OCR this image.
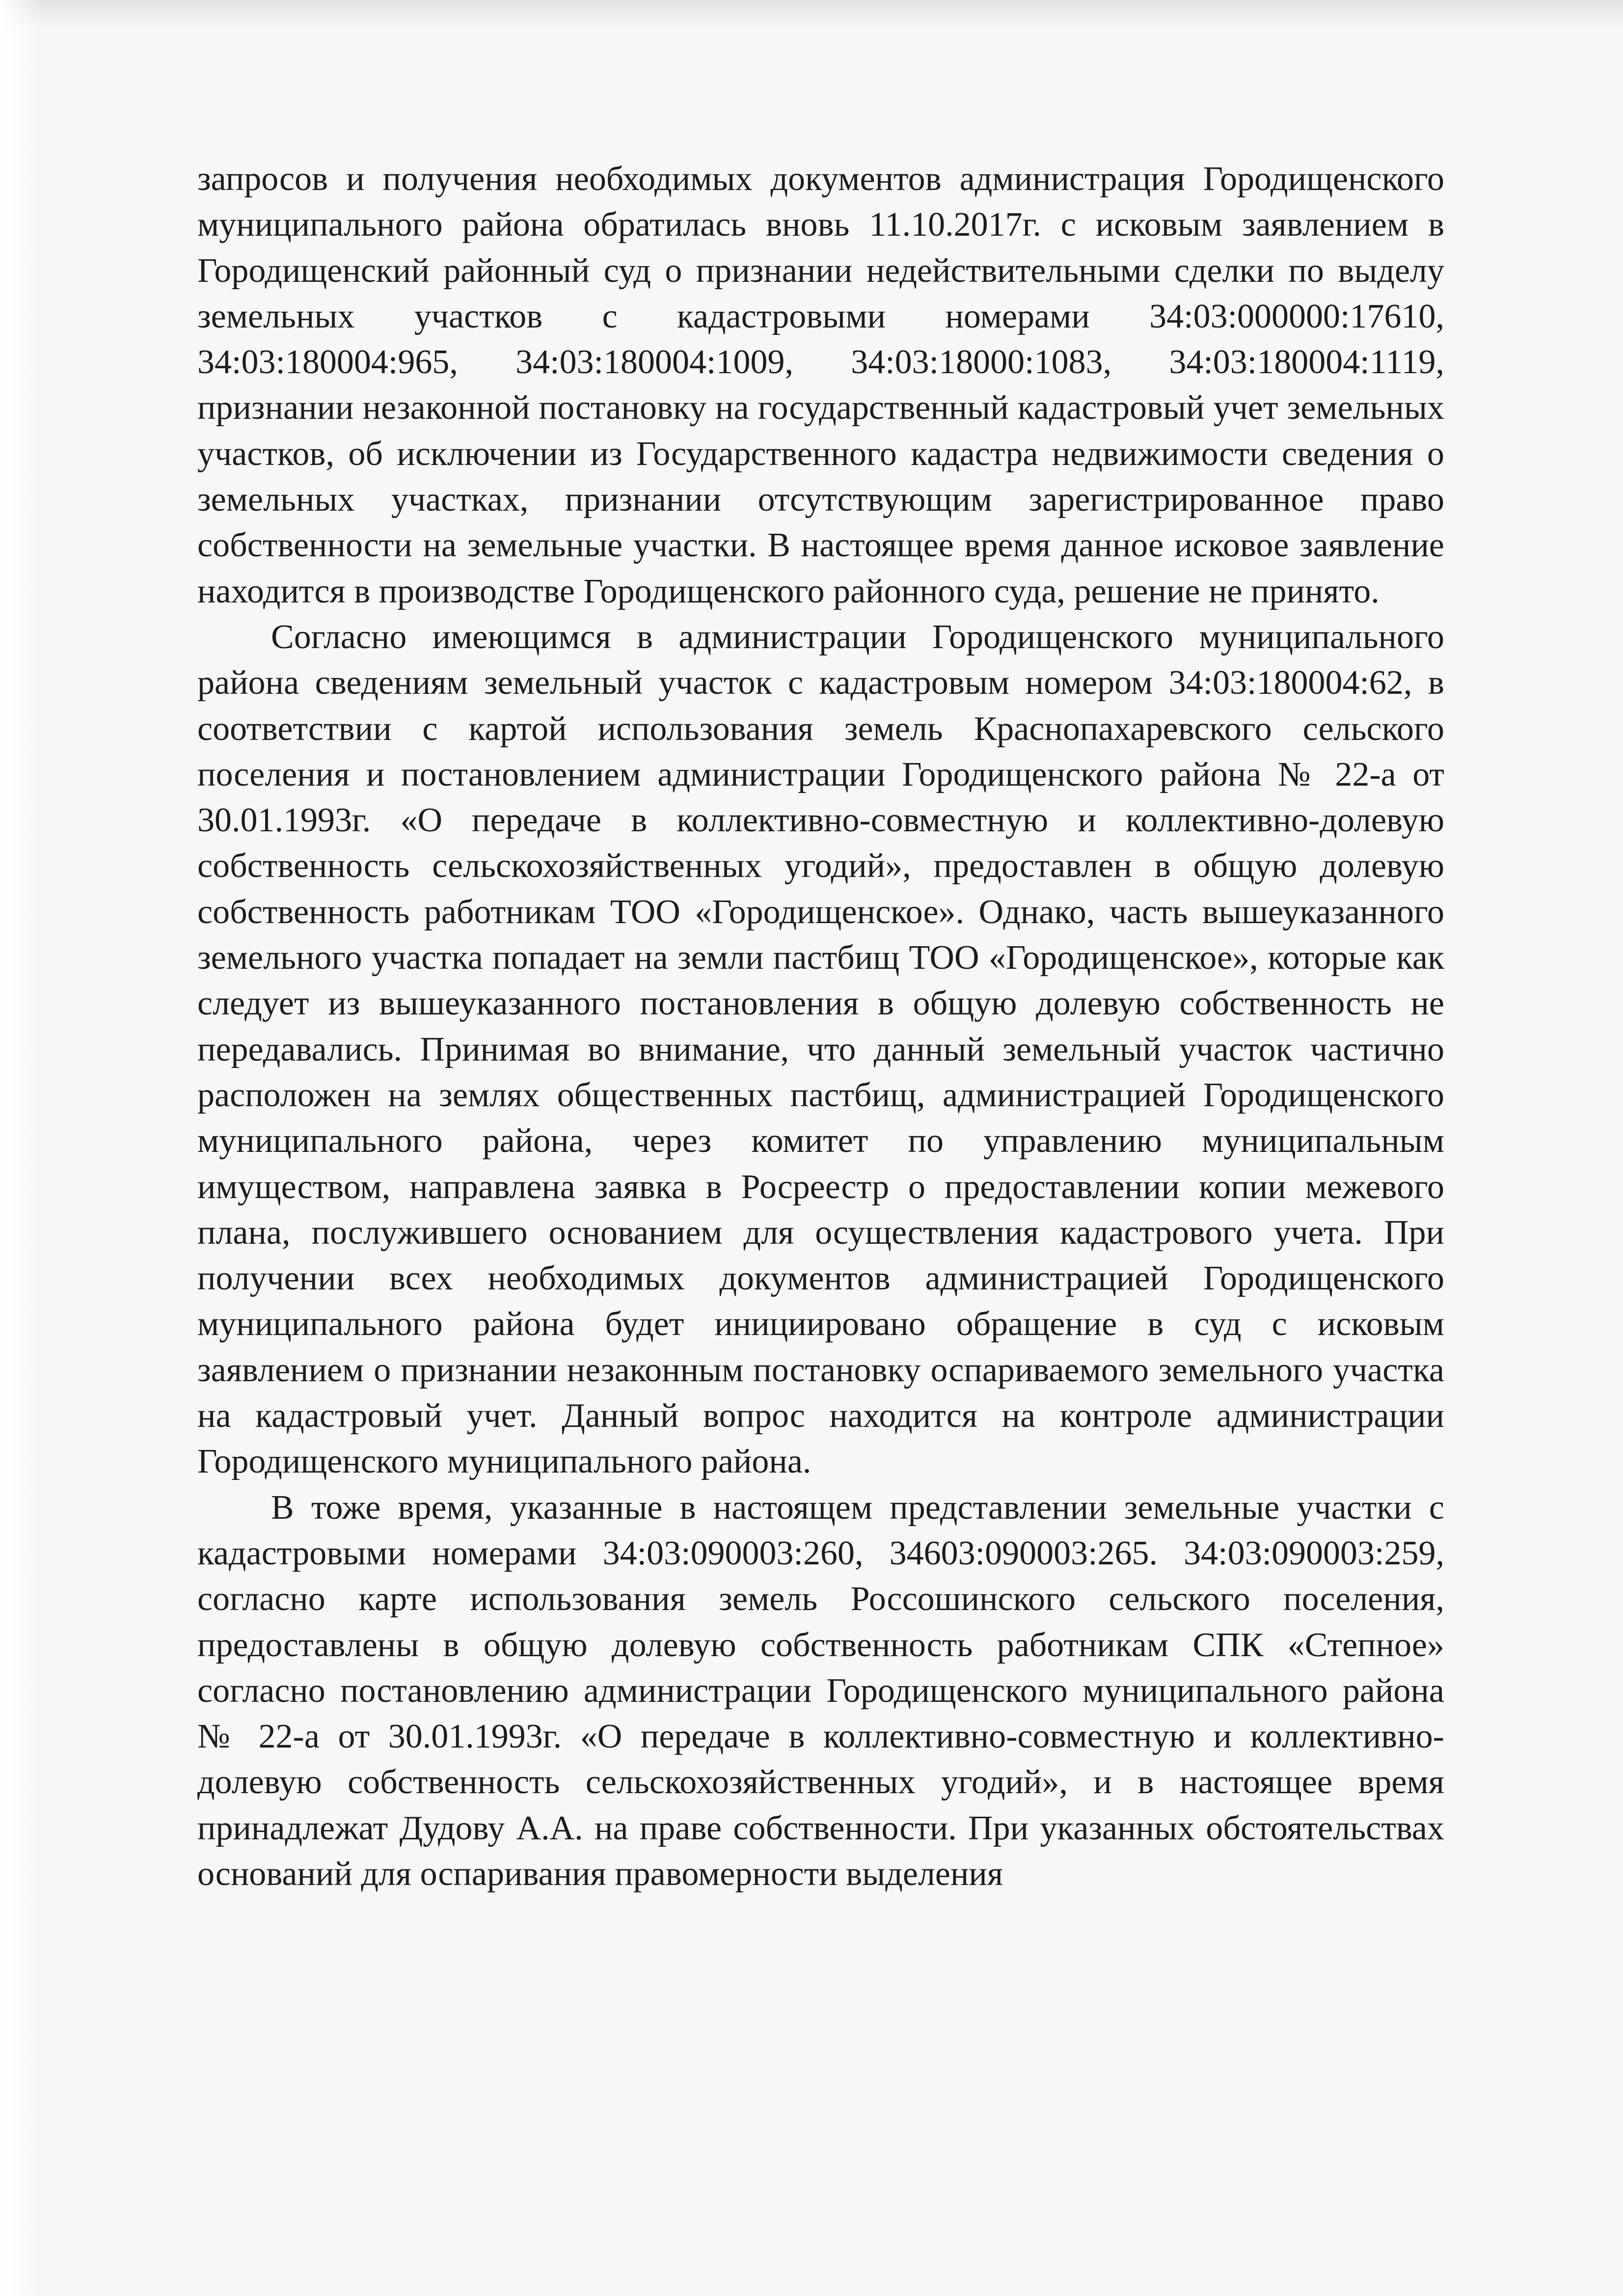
запросов и получения необходимых документов администрация Городищенского муниципального района обратилась вновь 11.10.2017г. с исковым заявлением в Городищенский районный суд о признании недействительными сделки по выделу земельных участков с кадастровыми номерами 34:03:000000:17610, 34:03:180004:965, 34:03:180004:1009, 34:03:18000:1083, 34:03:180004:1119, признании незаконной постановку на государственный кадастровый учет земельных участков, об исключении из Государственного кадастра недвижимости сведения о земельных участках, признании отсутствующим зарегистрированное право собственности на земельные участки. В настоящее время данное исковое заявление находится в производстве Городищенского районного суда, решение не принято.

Согласно имеющимся в администрации Городищенского муниципального района сведениям земельный участок с кадастровым номером 34:03:180004:62, в соответствии с картой использования земель Краснопахаревского сельского поселения и постановлением администрации Городищенского района № 22-а от 30.01.1993г. «О передаче в коллективно-совместную и коллективно-долевую собственность сельскохозяйственных угодий», предоставлен в общую долевую собственность работникам ТОО «Городищенское». Однако, часть вышеуказанного земельного участка попадает на земли пастбищ ТОО «Городищенское», которые как следует из вышеуказанного постановления в общую долевую собственность не передавались. Принимая во внимание, что данный земельный участок частично расположен на землях общественных пастбищ, администрацией Городищенского муниципального района, через комитет по управлению муниципальным имуществом, направлена заявка в Росреестр о предоставлении копии межевого плана, послужившего основанием для осуществления кадастрового учета. При получении всех необходимых документов администрацией Городищенского муниципального района будет инициировано обращение в суд с исковым заявлением о признании незаконным постановку оспариваемого земельного участка на кадастровый учет. Данный вопрос находится на контроле администрации Городищенского муниципального района.

В тоже время, указанные в настоящем представлении земельные участки с кадастровыми номерами 34:03:090003:260, 34603:090003:265. 34:03:090003:259, согласно карте использования земель Россошинского сельского поселения, предоставлены в общую долевую собственность работникам СПК «Степное» согласно постановлению администрации Городищенского муниципального района № 22-а от 30.01.1993г. «О передаче в коллективно-совместную и коллективно-долевую собственность сельскохозяйственных угодий», и в настоящее время принадлежат Дудову А.А. на праве собственности. При указанных обстоятельствах оснований для оспаривания правомерности выделения
